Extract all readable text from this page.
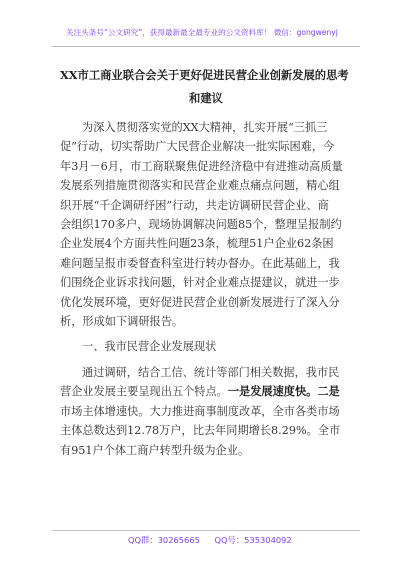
关注头条号“公文研究”，获得最新最全最专业的公文资料库！ 微信：gongwenyj
XX市工商业联合会关于更好促进民营企业创新发展的思考
和建议

为深入贯彻落实党的XX大精神，扎实开展“三抓三
促”行动，切实帮助广大民营企业解决一批实际困难，今
年3月－6月，市工商联聚焦促进经济稳中有进推动高质量
发展系列措施贯彻落实和民营企业难点痛点问题，精心组
织开展“千企调研纾困”行动，共走访调研民营企业、商
会组织170多户，现场协调解决问题85个，整理呈报制约
企业发展4个方面共性问题23条，梳理51户企业62条困
难问题呈报市委督查科室进行转办督办。在此基础上，我
们围绕企业诉求找问题，针对企业难点提建议，就进一步
优化发展环境，更好促进民营企业创新发展进行了深入分
析，形成如下调研报告。

一、我市民营企业发展现状

通过调研，结合工信、统计等部门相关数据，我市民
营企业发展主要呈现出五个特点。一是发展速度快。二是
市场主体增速快。大力推进商事制度改革，全市各类市场
主体总数达到12.78万户，比去年同期增长8.29%。全市
有951户个体工商户转型升级为企业。

QQ群：30265665 QQ号：535304092
